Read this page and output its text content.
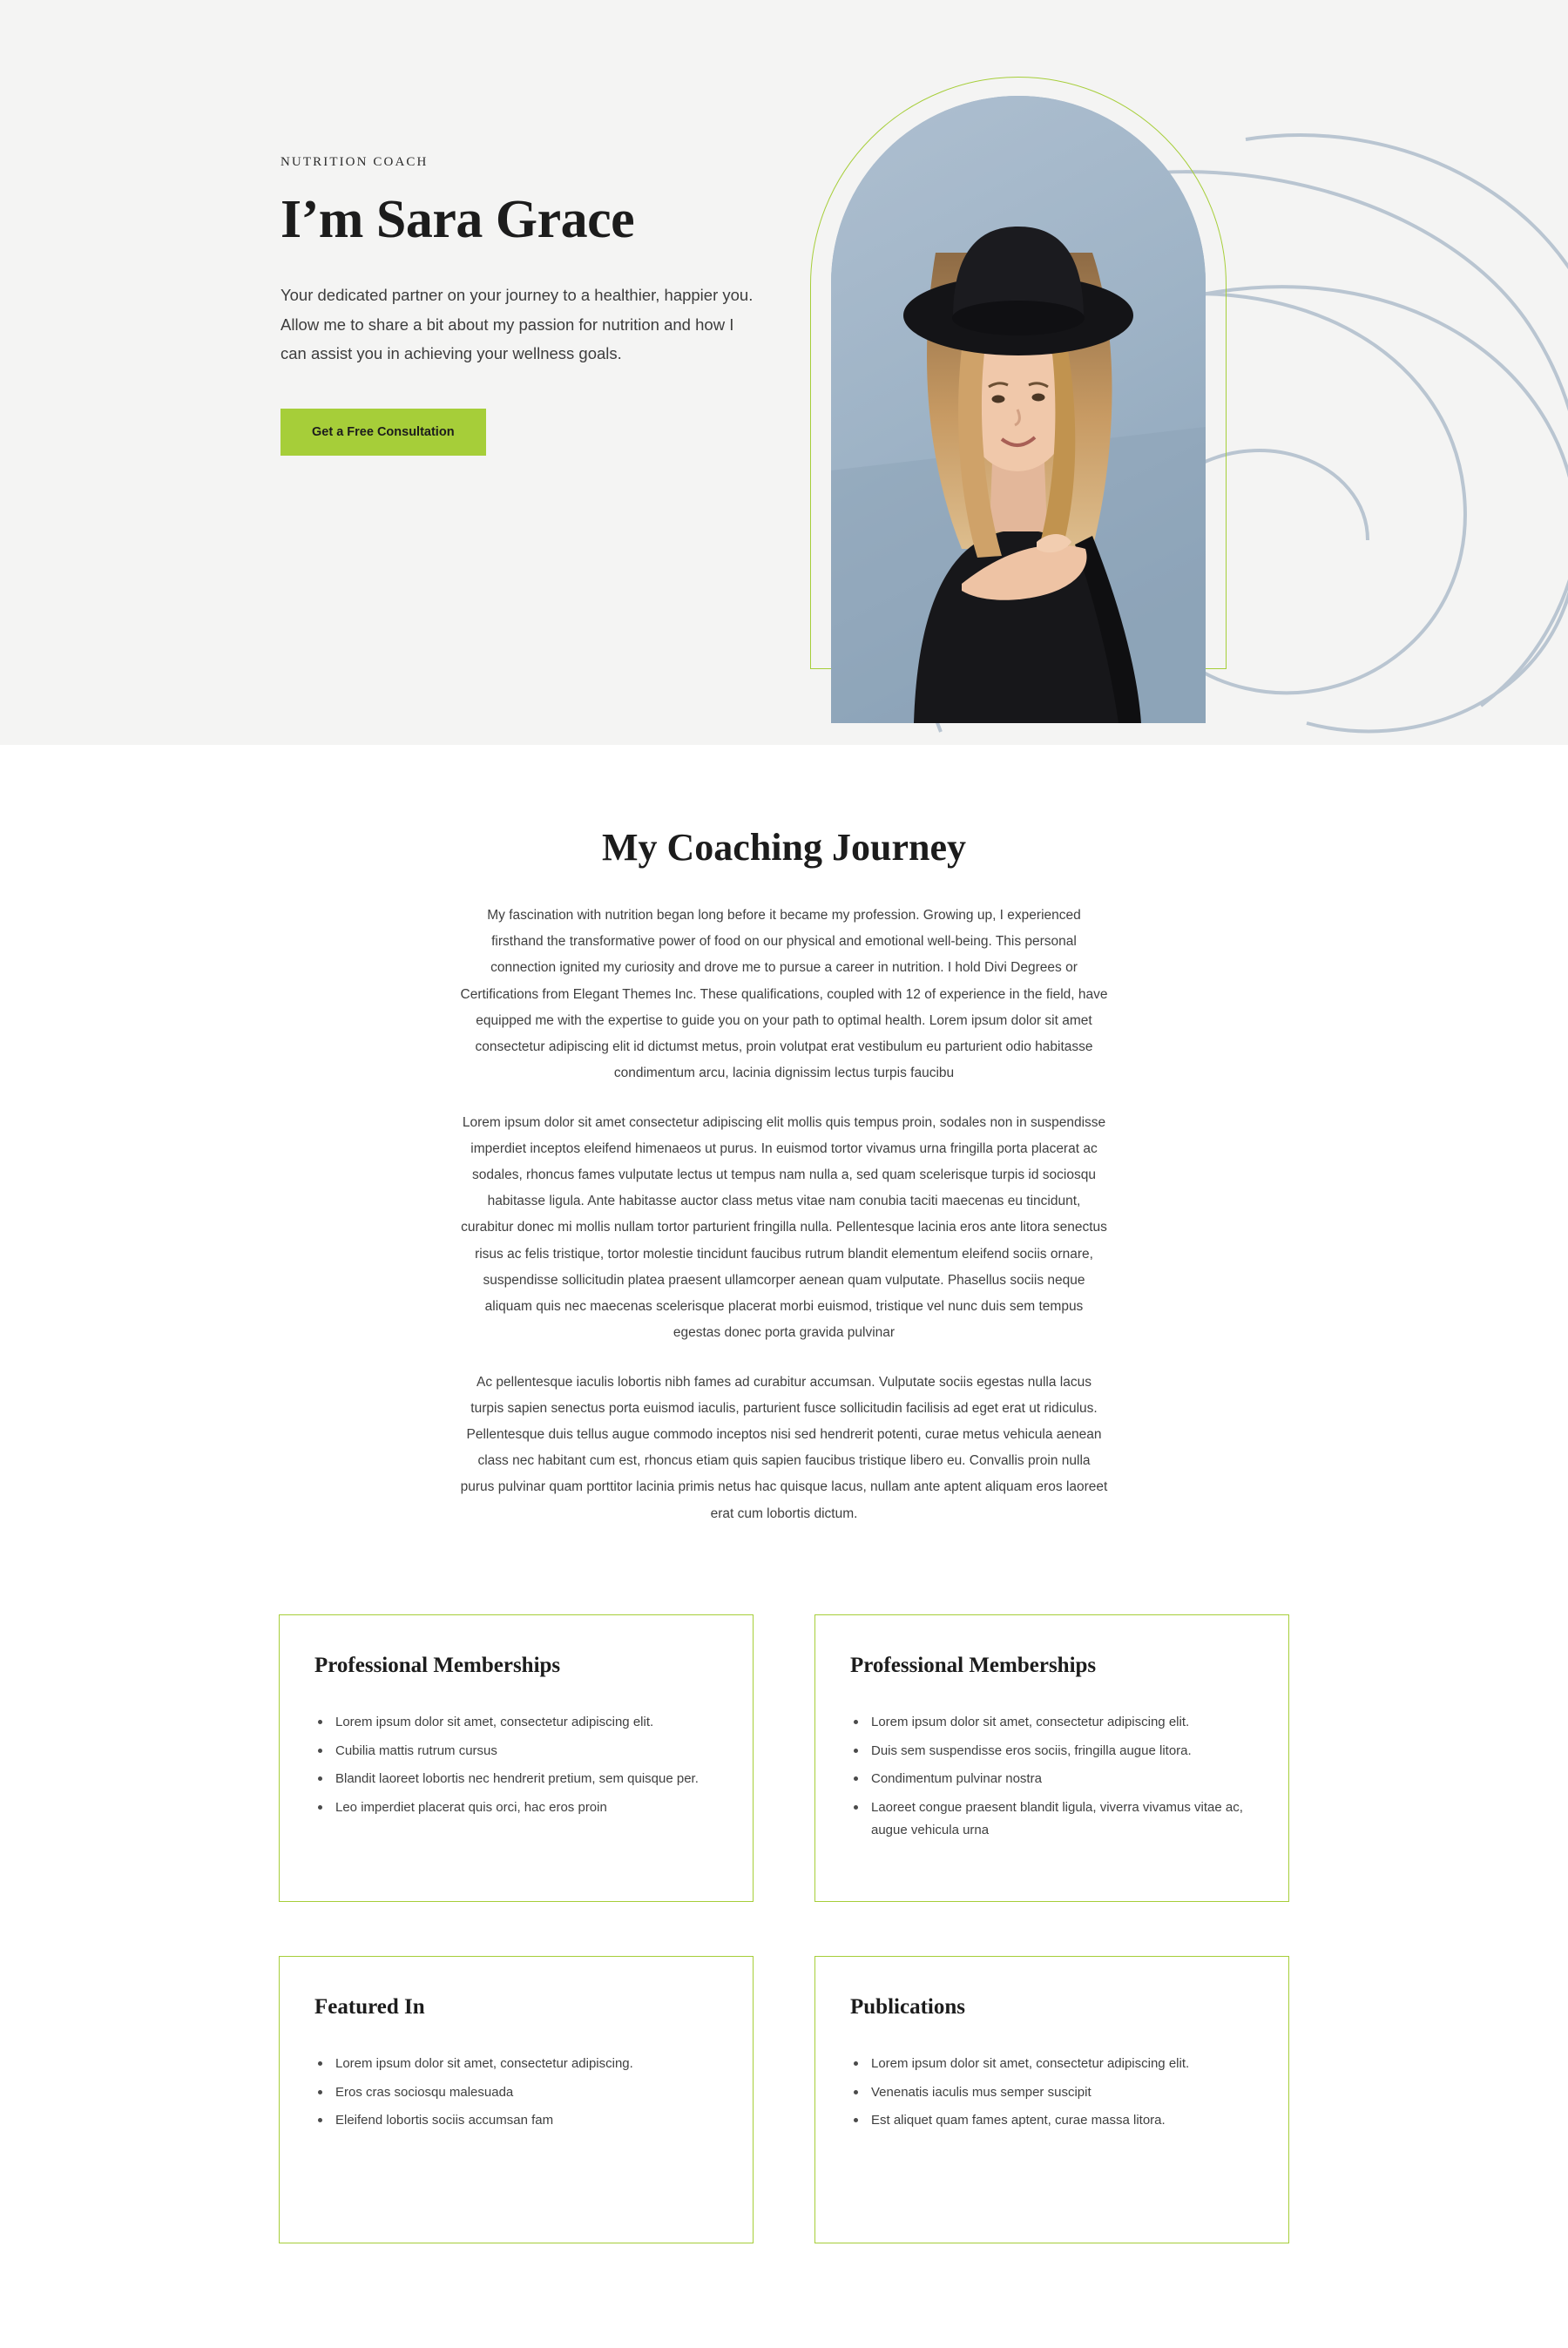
NUTRITION COACH
I’m Sara Grace

Your dedicated partner on your journey to a healthier, happier you. Allow me to share a bit about my passion for nutrition and how I can assist you in achieving your wellness goals.

Get a Free Consultation
My Coaching Journey

My fascination with nutrition began long before it became my profession. Growing up, I experienced firsthand the transformative power of food on our physical and emotional well-being. This personal connection ignited my curiosity and drove me to pursue a career in nutrition. I hold Divi Degrees or Certifications from Elegant Themes Inc. These qualifications, coupled with 12 of experience in the field, have equipped me with the expertise to guide you on your path to optimal health. Lorem ipsum dolor sit amet consectetur adipiscing elit id dictumst metus, proin volutpat erat vestibulum eu parturient odio habitasse condimentum arcu, lacinia dignissim lectus turpis faucibu

Lorem ipsum dolor sit amet consectetur adipiscing elit mollis quis tempus proin, sodales non in suspendisse imperdiet inceptos eleifend himenaeos ut purus. In euismod tortor vivamus urna fringilla porta placerat ac sodales, rhoncus fames vulputate lectus ut tempus nam nulla a, sed quam scelerisque turpis id sociosqu habitasse ligula. Ante habitasse auctor class metus vitae nam conubia taciti maecenas eu tincidunt, curabitur donec mi mollis nullam tortor parturient fringilla nulla. Pellentesque lacinia eros ante litora senectus risus ac felis tristique, tortor molestie tincidunt faucibus rutrum blandit elementum eleifend sociis ornare, suspendisse sollicitudin platea praesent ullamcorper aenean quam vulputate. Phasellus sociis neque aliquam quis nec maecenas scelerisque placerat morbi euismod, tristique vel nunc duis sem tempus egestas donec porta gravida pulvinar

Ac pellentesque iaculis lobortis nibh fames ad curabitur accumsan. Vulputate sociis egestas nulla lacus turpis sapien senectus porta euismod iaculis, parturient fusce sollicitudin facilisis ad eget erat ut ridiculus. Pellentesque duis tellus augue commodo inceptos nisi sed hendrerit potenti, curae metus vehicula aenean class nec habitant cum est, rhoncus etiam quis sapien faucibus tristique libero eu. Convallis proin nulla purus pulvinar quam porttitor lacinia primis netus hac quisque lacus, nullam ante aptent aliquam eros laoreet erat cum lobortis dictum.

Professional Memberships
Lorem ipsum dolor sit amet, consectetur adipiscing elit.
Cubilia mattis rutrum cursus
Blandit laoreet lobortis nec hendrerit pretium, sem quisque per.
Leo imperdiet placerat quis orci, hac eros proin
Professional Memberships
Lorem ipsum dolor sit amet, consectetur adipiscing elit.
Duis sem suspendisse eros sociis, fringilla augue litora.
Condimentum pulvinar nostra
Laoreet congue praesent blandit ligula, viverra vivamus vitae ac, augue vehicula urna
Featured In
Lorem ipsum dolor sit amet, consectetur adipiscing.
Eros cras sociosqu malesuada
Eleifend lobortis sociis accumsan fam
Publications
Lorem ipsum dolor sit amet, consectetur adipiscing elit.
Venenatis iaculis mus semper suscipit
Est aliquet quam fames aptent, curae massa litora.
